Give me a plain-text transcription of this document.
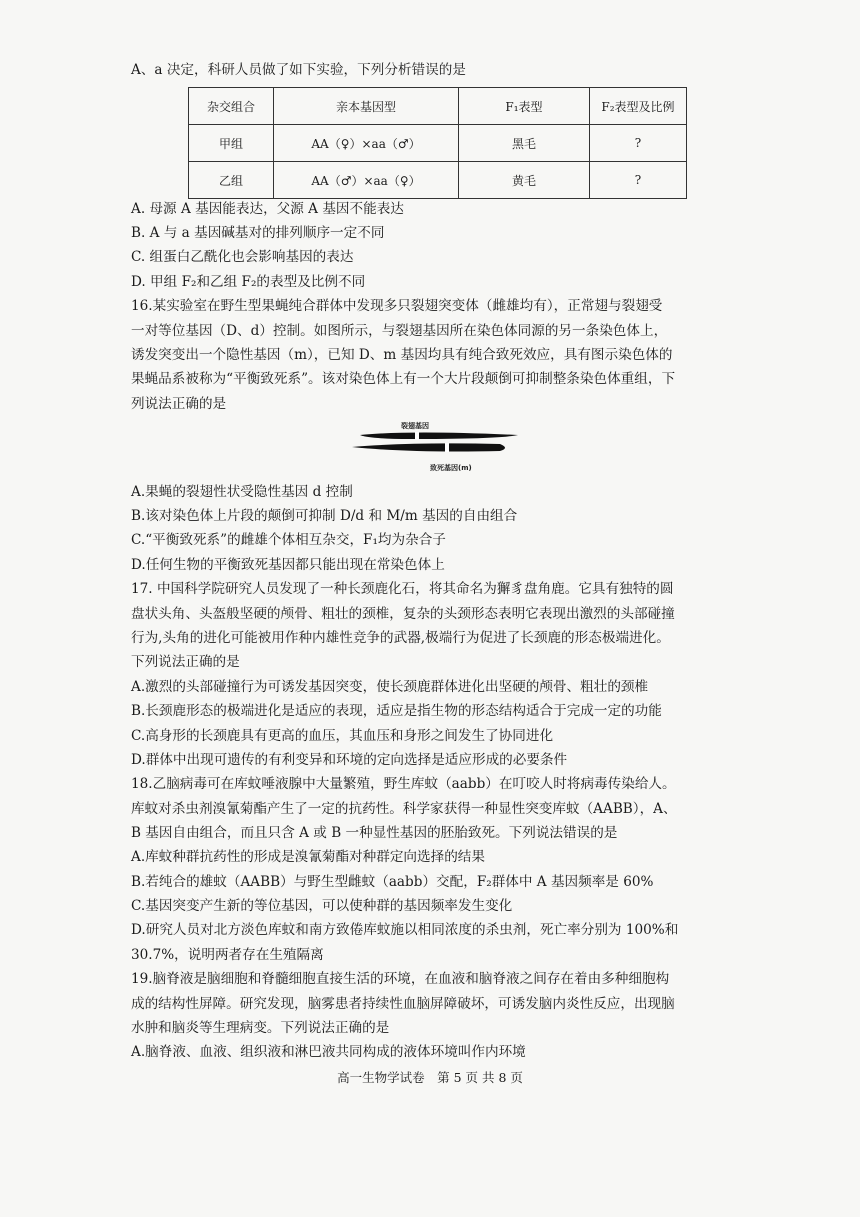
A、a 决定，科研人员做了如下实验，下列分析错误的是
杂交组合	亲本基因型	F₁表型	F₂表型及比例
甲组	AA（♀）×aa（♂）	黑毛	?
乙组	AA（♂）×aa（♀）	黄毛	?
A. 母源 A 基因能表达，父源 A 基因不能表达
B. A 与 a 基因碱基对的排列顺序一定不同
C. 组蛋白乙酰化也会影响基因的表达
D. 甲组 F₂和乙组 F₂的表型及比例不同
16.某实验室在野生型果蝇纯合群体中发现多只裂翅突变体（雌雄均有），正常翅与裂翅受
一对等位基因（D、d）控制。如图所示，与裂翅基因所在染色体同源的另一条染色体上，
诱发突变出一个隐性基因（m），已知 D、m 基因均具有纯合致死效应，具有图示染色体的
果蝇品系被称为“平衡致死系”。该对染色体上有一个大片段颠倒可抑制整条染色体重组，下
列说法正确的是
裂翅基因
致死基因(m)
A.果蝇的裂翅性状受隐性基因 d 控制
B.该对染色体上片段的颠倒可抑制 D/d 和 M/m 基因的自由组合
C.“平衡致死系”的雌雄个体相互杂交，F₁均为杂合子
D.任何生物的平衡致死基因都只能出现在常染色体上
17. 中国科学院研究人员发现了一种长颈鹿化石，将其命名为獬豸盘角鹿。它具有独特的圆
盘状头角、头盔般坚硬的颅骨、粗壮的颈椎，复杂的头颈形态表明它表现出激烈的头部碰撞
行为,头角的进化可能被用作种内雄性竞争的武器,极端行为促进了长颈鹿的形态极端进化。
下列说法正确的是
A.激烈的头部碰撞行为可诱发基因突变，使长颈鹿群体进化出坚硬的颅骨、粗壮的颈椎
B.长颈鹿形态的极端进化是适应的表现，适应是指生物的形态结构适合于完成一定的功能
C.高身形的长颈鹿具有更高的血压，其血压和身形之间发生了协同进化
D.群体中出现可遗传的有利变异和环境的定向选择是适应形成的必要条件
18.乙脑病毒可在库蚊唾液腺中大量繁殖，野生库蚊（aabb）在叮咬人时将病毒传染给人。
库蚊对杀虫剂溴氰菊酯产生了一定的抗药性。科学家获得一种显性突变库蚊（AABB），A、
B 基因自由组合，而且只含 A 或 B 一种显性基因的胚胎致死。下列说法错误的是
A.库蚊种群抗药性的形成是溴氰菊酯对种群定向选择的结果
B.若纯合的雄蚊（AABB）与野生型雌蚊（aabb）交配，F₂群体中 A 基因频率是 60%
C.基因突变产生新的等位基因，可以使种群的基因频率发生变化
D.研究人员对北方淡色库蚊和南方致倦库蚊施以相同浓度的杀虫剂，死亡率分别为 100%和
30.7%，说明两者存在生殖隔离
19.脑脊液是脑细胞和脊髓细胞直接生活的环境，在血液和脑脊液之间存在着由多种细胞构
成的结构性屏障。研究发现，脑雾患者持续性血脑屏障破坏，可诱发脑内炎性反应，出现脑
水肿和脑炎等生理病变。下列说法正确的是
A.脑脊液、血液、组织液和淋巴液共同构成的液体环境叫作内环境
高一生物学试卷　第 5 页 共 8 页
